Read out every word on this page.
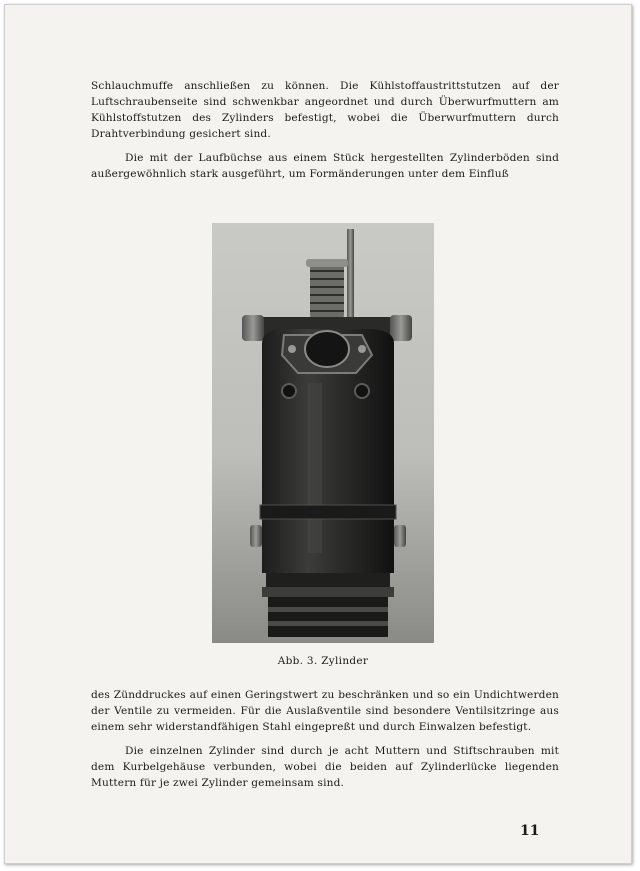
Schlauchmuffe anschließen zu können. Die Kühlstoffaustrittstutzen auf der Luftschraubenseite sind schwenkbar angeordnet und durch Überwurfmuttern am Kühlstoffstutzen des Zylinders befestigt, wobei die Überwurfmuttern durch Drahtverbindung gesichert sind.

Die mit der Laufbüchse aus einem Stück hergestellten Zylinderböden sind außergewöhnlich stark ausgeführt, um Formänderungen unter dem Einfluß

Abb. 3. Zylinder

des Zünddruckes auf einen Geringstwert zu beschränken und so ein Undichtwerden der Ventile zu vermeiden. Für die Auslaßventile sind besondere Ventilsitzringe aus einem sehr widerstandfähigen Stahl eingepreßt und durch Einwalzen befestigt.

Die einzelnen Zylinder sind durch je acht Muttern und Stiftschrauben mit dem Kurbelgehäuse verbunden, wobei die beiden auf Zylinderlücke liegenden Muttern für je zwei Zylinder gemeinsam sind.

11
